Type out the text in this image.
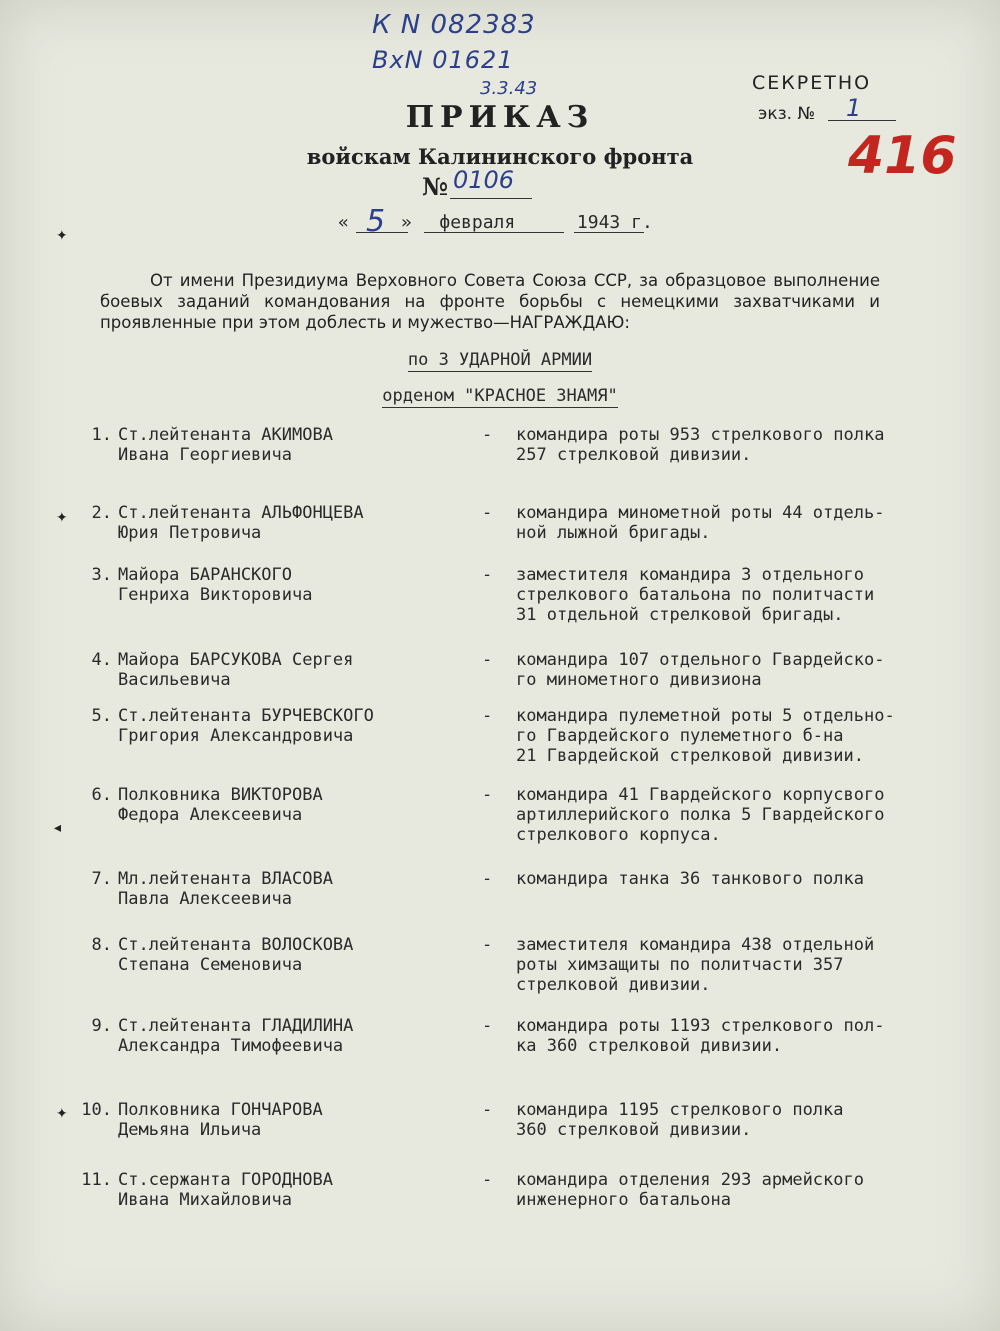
К N 082383
ВхN 01621
3.3.43	СЕКРЕТНО
экз. № 1
416
ПРИКАЗ
войскам Калининского фронта
№ 0106
«	» февраля	1943 г.
5

От имени Президиума Верховного Совета Союза ССР, за образцовое выполнение боевых заданий командования на фронте борьбы с немецкими захватчиками и проявленные при этом доблесть и мужество—НАГРАЖДАЮ:

по 3 УДАРНОЙ АРМИИ
орденом "КРАСНОЕ ЗНАМЯ"
1. Ст.лейтенанта АКИМОВА
Ивана Георгиевича
- командира роты 953 стрелкового полка
257 стрелковой дивизии.
2. Ст.лейтенанта АЛЬФОНЦЕВА
Юрия Петровича
- командира минометной роты 44 отдель-
ной лыжной бригады.
3. Майора БАРАНСКОГО
Генриха Викторовича
- заместителя командира 3 отдельного
стрелкового батальона по политчасти
31 отдельной стрелковой бригады.
4. Майора БАРСУКОВА Сергея
Васильевича
- командира 107 отдельного Гвардейско-
го минометного дивизиона
5. Ст.лейтенанта БУРЧЕВСКОГО
Григория Александровича
- командира пулеметной роты 5 отдельно-
го Гвардейского пулеметного б-на
21 Гвардейской стрелковой дивизии.
6. Полковника ВИКТОРОВА
Федора Алексеевича
- командира 41 Гвардейского корпусвого
артиллерийского полка 5 Гвардейского
стрелкового корпуса.
7. Мл.лейтенанта ВЛАСОВА
Павла Алексеевича
- командира танка 36 танкового полка
8. Ст.лейтенанта ВОЛОСКОВА
Степана Семеновича
- заместителя командира 438 отдельной
роты химзащиты по политчасти 357
стрелковой дивизии.
9. Ст.лейтенанта ГЛАДИЛИНА
Александра Тимофеевича
- командира роты 1193 стрелкового пол-
ка 360 стрелковой дивизии.
10. Полковника ГОНЧАРОВА
Демьяна Ильича
- командира 1195 стрелкового полка
360 стрелковой дивизии.
11. Ст.сержанта ГОРОДНОВА
Ивана Михайловича
- командира отделения 293 армейского
инженерного батальона
✦
✦
◂
✦
